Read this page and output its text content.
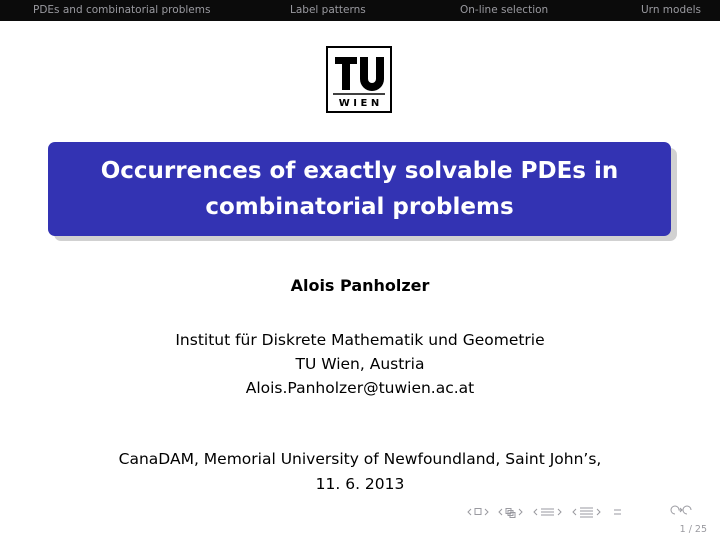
PDEs and combinatorial problems	Label patterns	On-line selection	Urn models
W I E N
Occurrences of exactly solvable PDEs in
combinatorial problems
Alois Panholzer
Institut für Diskrete Mathematik und Geometrie
TU Wien, Austria
Alois.Panholzer@tuwien.ac.at
CanaDAM, Memorial University of Newfoundland, Saint John’s,
11. 6. 2013
1 / 25
